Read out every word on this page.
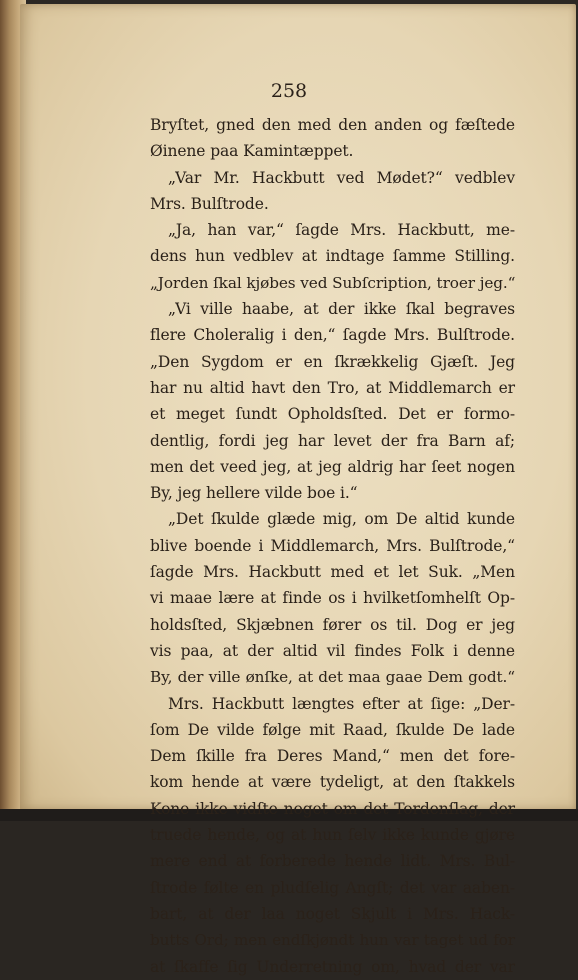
258

Bryſtet, gned den med den anden og fæſtede
Øinene paa Kamintæppet.
„Var Mr. Hackbutt ved Mødet?“ vedblev
Mrs. Bulſtrode.
„Ja, han var,“ ſagde Mrs. Hackbutt, me-
dens hun vedblev at indtage ſamme Stilling.
„Jorden ſkal kjøbes ved Subſcription, troer jeg.“
„Vi ville haabe, at der ikke ſkal begraves
flere Choleralig i den,“ ſagde Mrs. Bulſtrode.
„Den Sygdom er en ſkrækkelig Gjæſt. Jeg
har nu altid havt den Tro, at Middlemarch er
et meget ſundt Opholdsſted. Det er formo-
dentlig, fordi jeg har levet der fra Barn af;
men det veed jeg, at jeg aldrig har ſeet nogen
By, jeg hellere vilde boe i.“
„Det ſkulde glæde mig, om De altid kunde
blive boende i Middlemarch, Mrs. Bulſtrode,“
ſagde Mrs. Hackbutt med et let Suk. „Men
vi maae lære at finde os i hvilketſomhelſt Op-
holdsſted, Skjæbnen fører os til. Dog er jeg
vis paa, at der altid vil findes Folk i denne
By, der ville ønſke, at det maa gaae Dem godt.“
Mrs. Hackbutt længtes efter at ſige: „Der-
ſom De vilde følge mit Raad, ſkulde De lade
Dem ſkille fra Deres Mand,“ men det fore-
kom hende at være tydeligt, at den ſtakkels
Kone ikke vidſte noget om det Tordenſlag, der
truede hende, og at hun ſelv ikke kunde gjøre
mere end at forberede hende lidt. Mrs. Bul-
ſtrode følte en pludſelig Angſt; det var aaben-
bart, at der laa noget Skjult i Mrs. Hack-
butts Ord; men endſkjøndt hun var taget ud for
at ſkaffe ſig Underretning om, hvad der var
